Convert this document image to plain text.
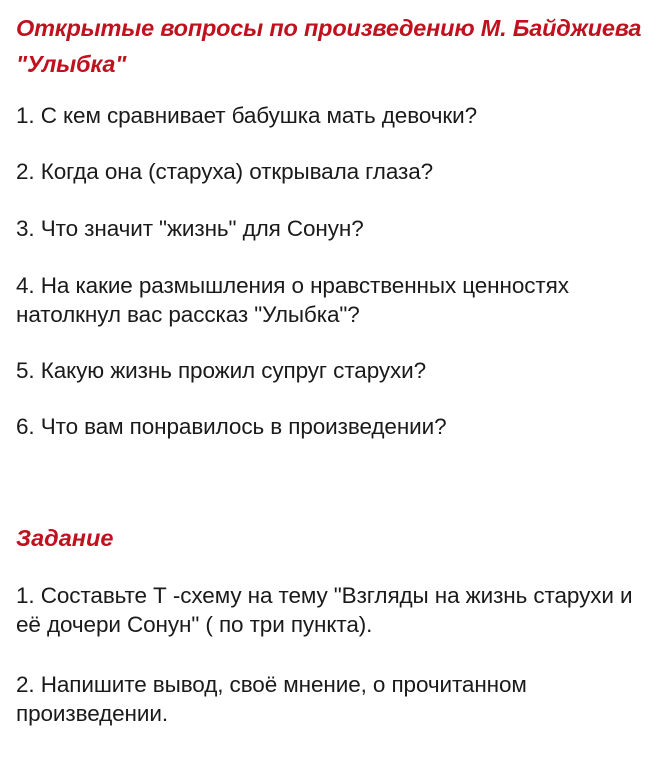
Открытые вопросы по произведению М. Байджиева "Улыбка"

1. С кем сравнивает бабушка мать девочки?

2. Когда она (старуха) открывала глаза?

3. Что значит "жизнь" для Сонун?

4. На какие размышления о нравственных ценностях натолкнул вас рассказ "Улыбка"?

5. Какую жизнь прожил супруг старухи?

6. Что вам понравилось в произведении?

Задание

1. Составьте Т -схему на тему "Взгляды на жизнь старухи и её дочери Сонун" ( по три пункта).

2. Напишите вывод, своё мнение, о прочитанном произведении.
